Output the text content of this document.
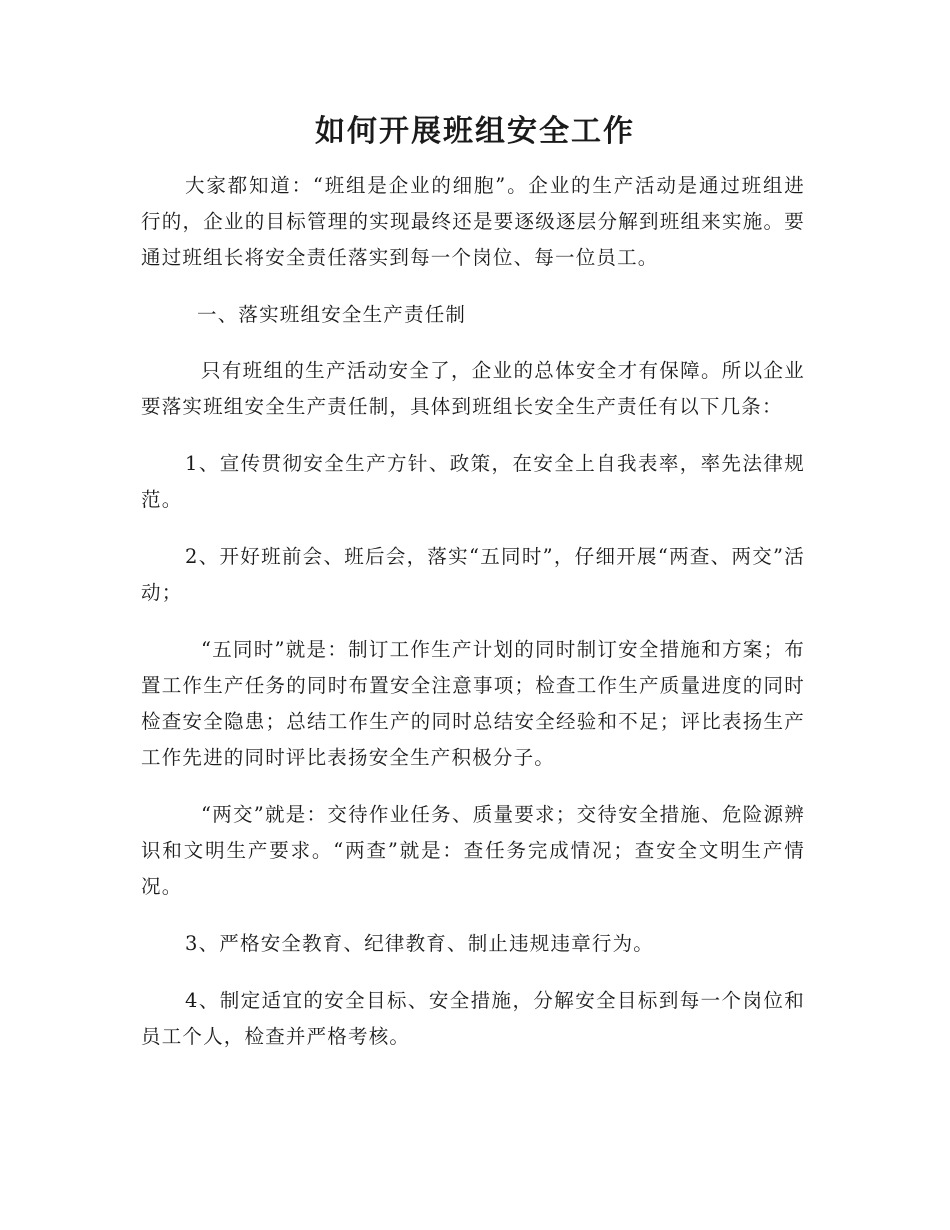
如何开展班组安全工作

大家都知道：“班组是企业的细胞”。企业的生产活动是通过班组进行的，企业的目标管理的实现最终还是要逐级逐层分解到班组来实施。要通过班组长将安全责任落实到每一个岗位、每一位员工。

一、落实班组安全生产责任制

只有班组的生产活动安全了，企业的总体安全才有保障。所以企业要落实班组安全生产责任制，具体到班组长安全生产责任有以下几条：

1、宣传贯彻安全生产方针、政策，在安全上自我表率，率先法律规范。

2、开好班前会、班后会，落实“五同时”，仔细开展“两查、两交”活动；

“五同时”就是：制订工作生产计划的同时制订安全措施和方案；布置工作生产任务的同时布置安全注意事项；检查工作生产质量进度的同时检查安全隐患；总结工作生产的同时总结安全经验和不足；评比表扬生产工作先进的同时评比表扬安全生产积极分子。

“两交”就是：交待作业任务、质量要求；交待安全措施、危险源辨识和文明生产要求。“两查”就是：查任务完成情况；查安全文明生产情况。

3、严格安全教育、纪律教育、制止违规违章行为。

4、制定适宜的安全目标、安全措施，分解安全目标到每一个岗位和员工个人，检查并严格考核。
